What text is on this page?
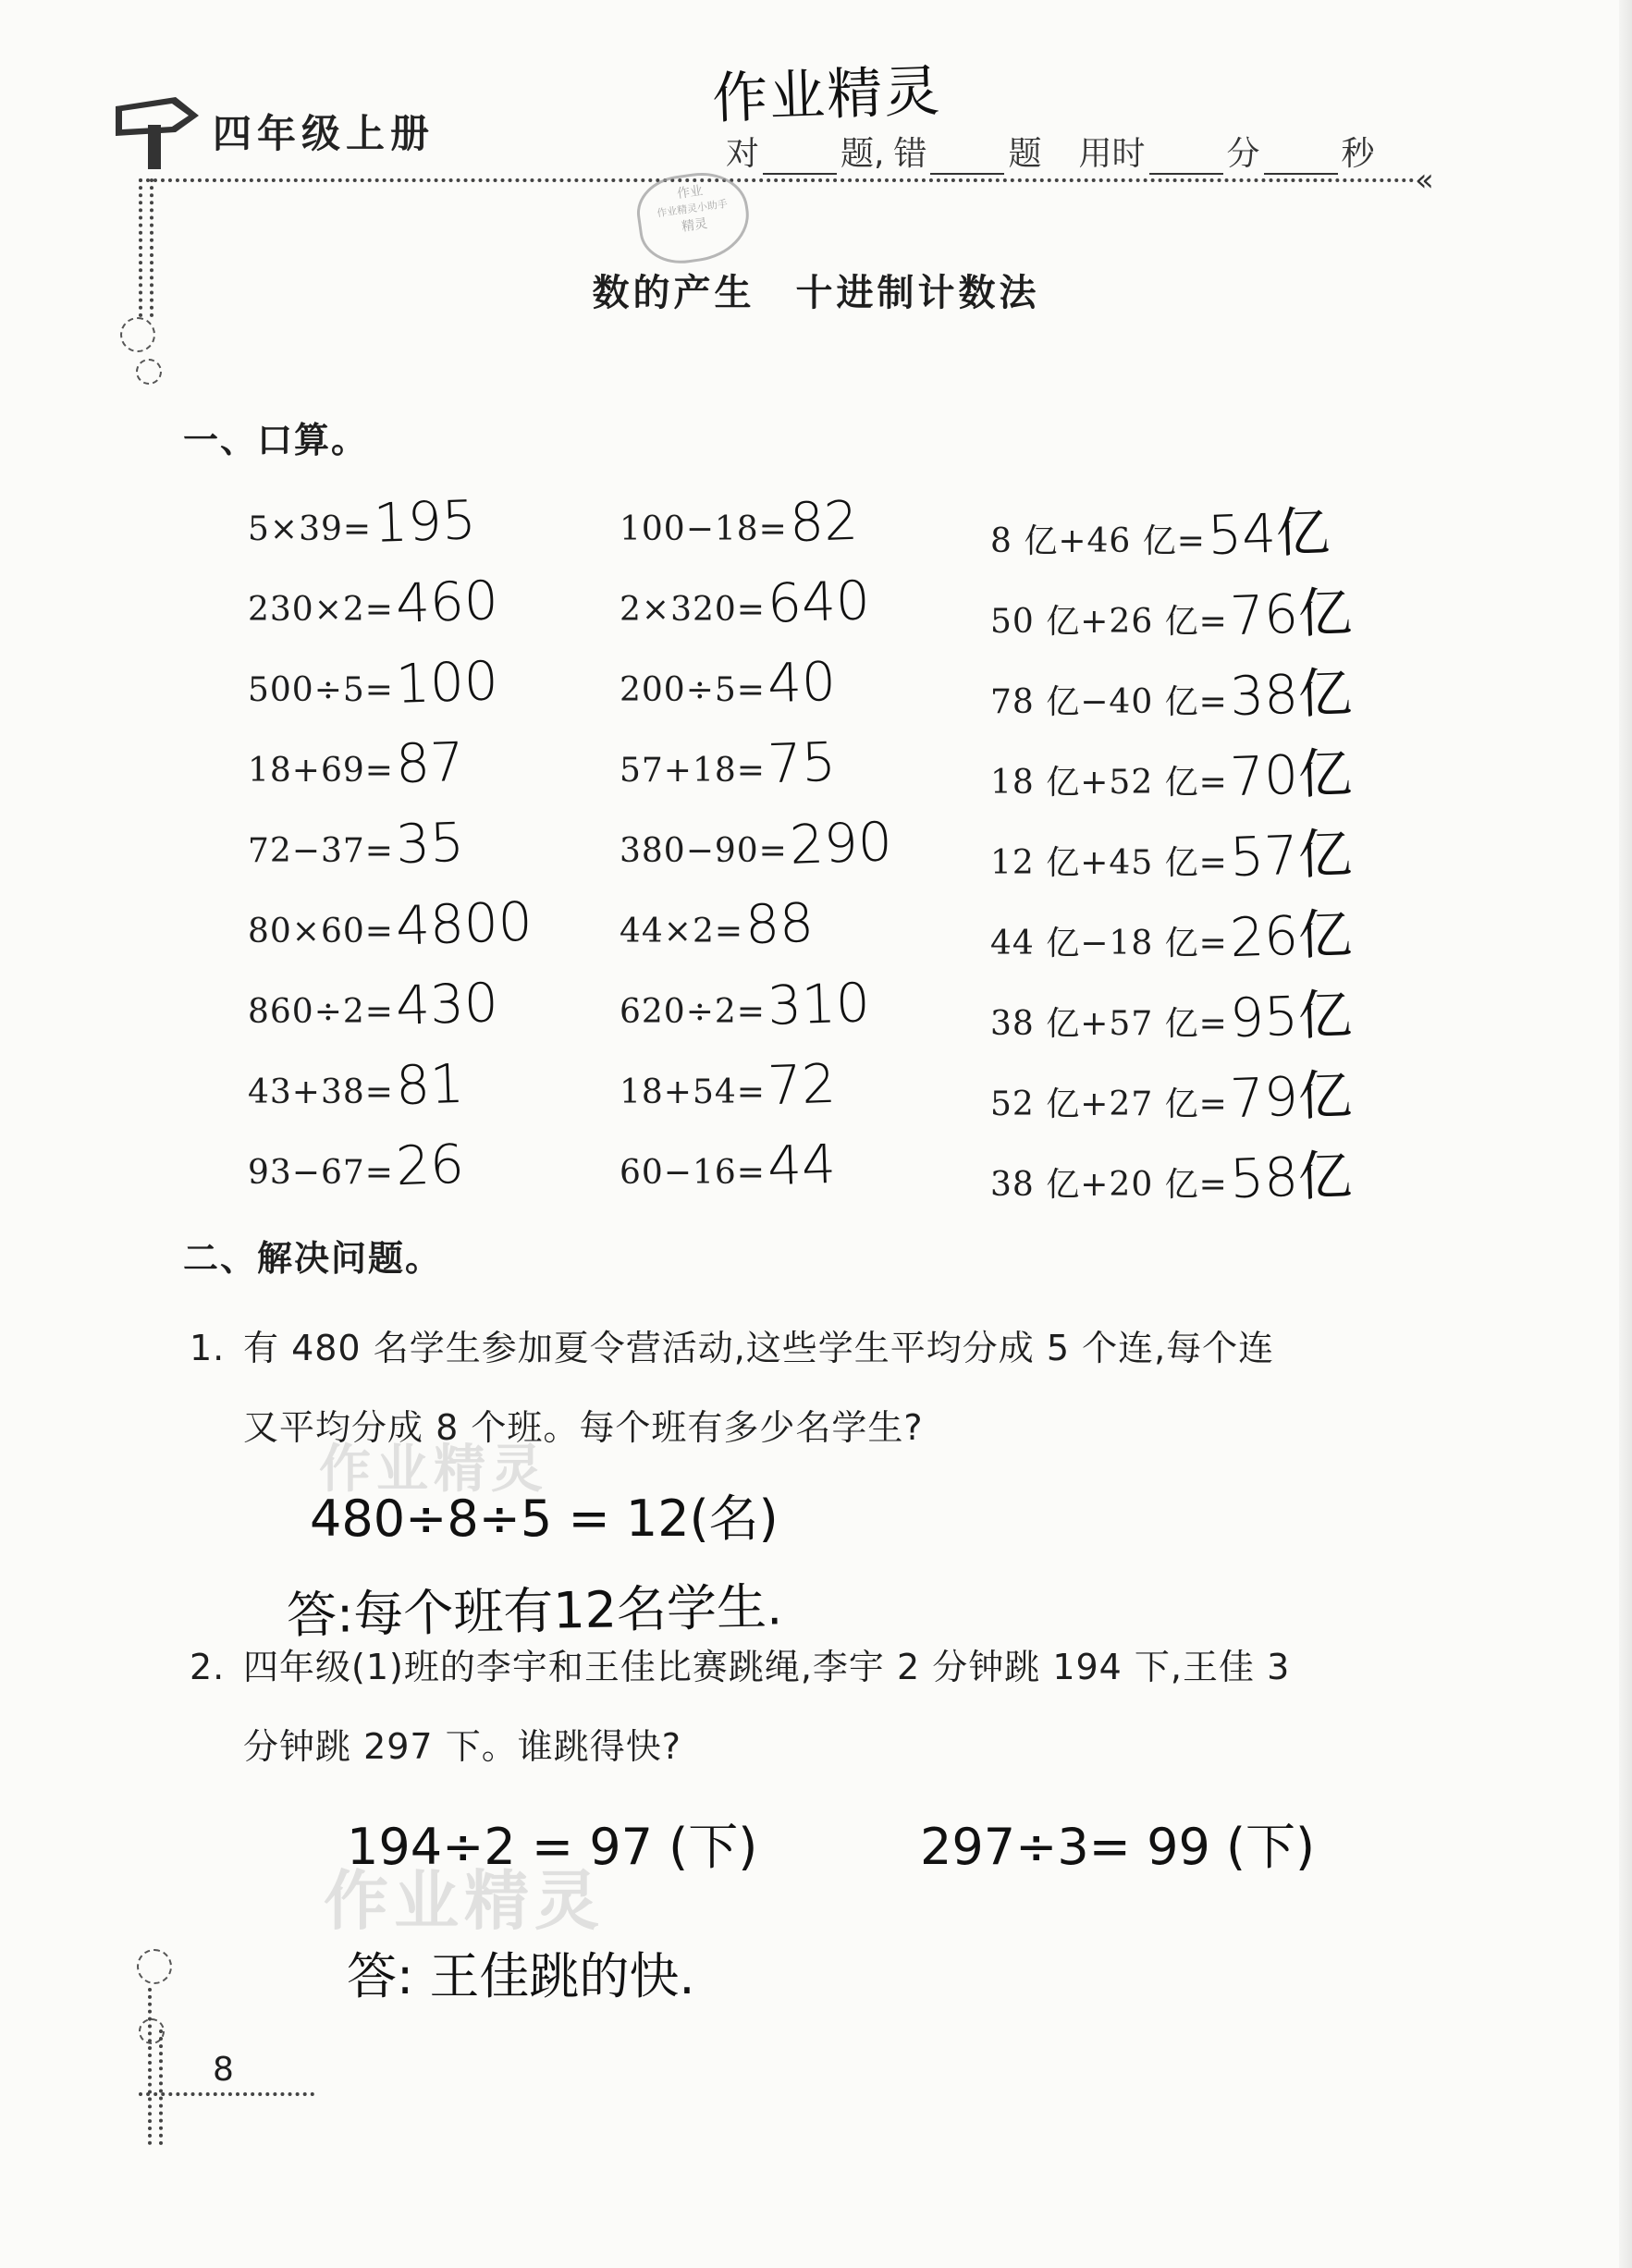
四年级上册
作业精灵
对 题, 错 题 用时 分 秒
«
作业
作业精灵小助手
精灵
数的产生　十进制计数法
一、口算。
5×39= 195
230×2= 460
500÷5= 100
18+69= 87
72−37= 35
80×60= 4800
860÷2= 430
43+38= 81
93−67= 26
100−18= 82
2×320= 640
200÷5= 40
57+18= 75
380−90= 290
44×2= 88
620÷2= 310
18+54= 72
60−16= 44
8 亿+46 亿= 54亿
50 亿+26 亿= 76亿
78 亿−40 亿= 38亿
18 亿+52 亿= 70亿
12 亿+45 亿= 57亿
44 亿−18 亿= 26亿
38 亿+57 亿= 95亿
52 亿+27 亿= 79亿
38 亿+20 亿= 58亿
二、解决问题。
1. 有 480 名学生参加夏令营活动,这些学生平均分成 5 个连,每个连
又平均分成 8 个班。每个班有多少名学生?
480÷8÷5 = 12(名)
答:每个班有12名学生.
2. 四年级(1)班的李宇和王佳比赛跳绳,李宇 2 分钟跳 194 下,王佳 3
分钟跳 297 下。谁跳得快?
194÷2 = 97 (下)	297÷3= 99 (下)
答: 王佳跳的快.
作业精灵
作业精灵
8
